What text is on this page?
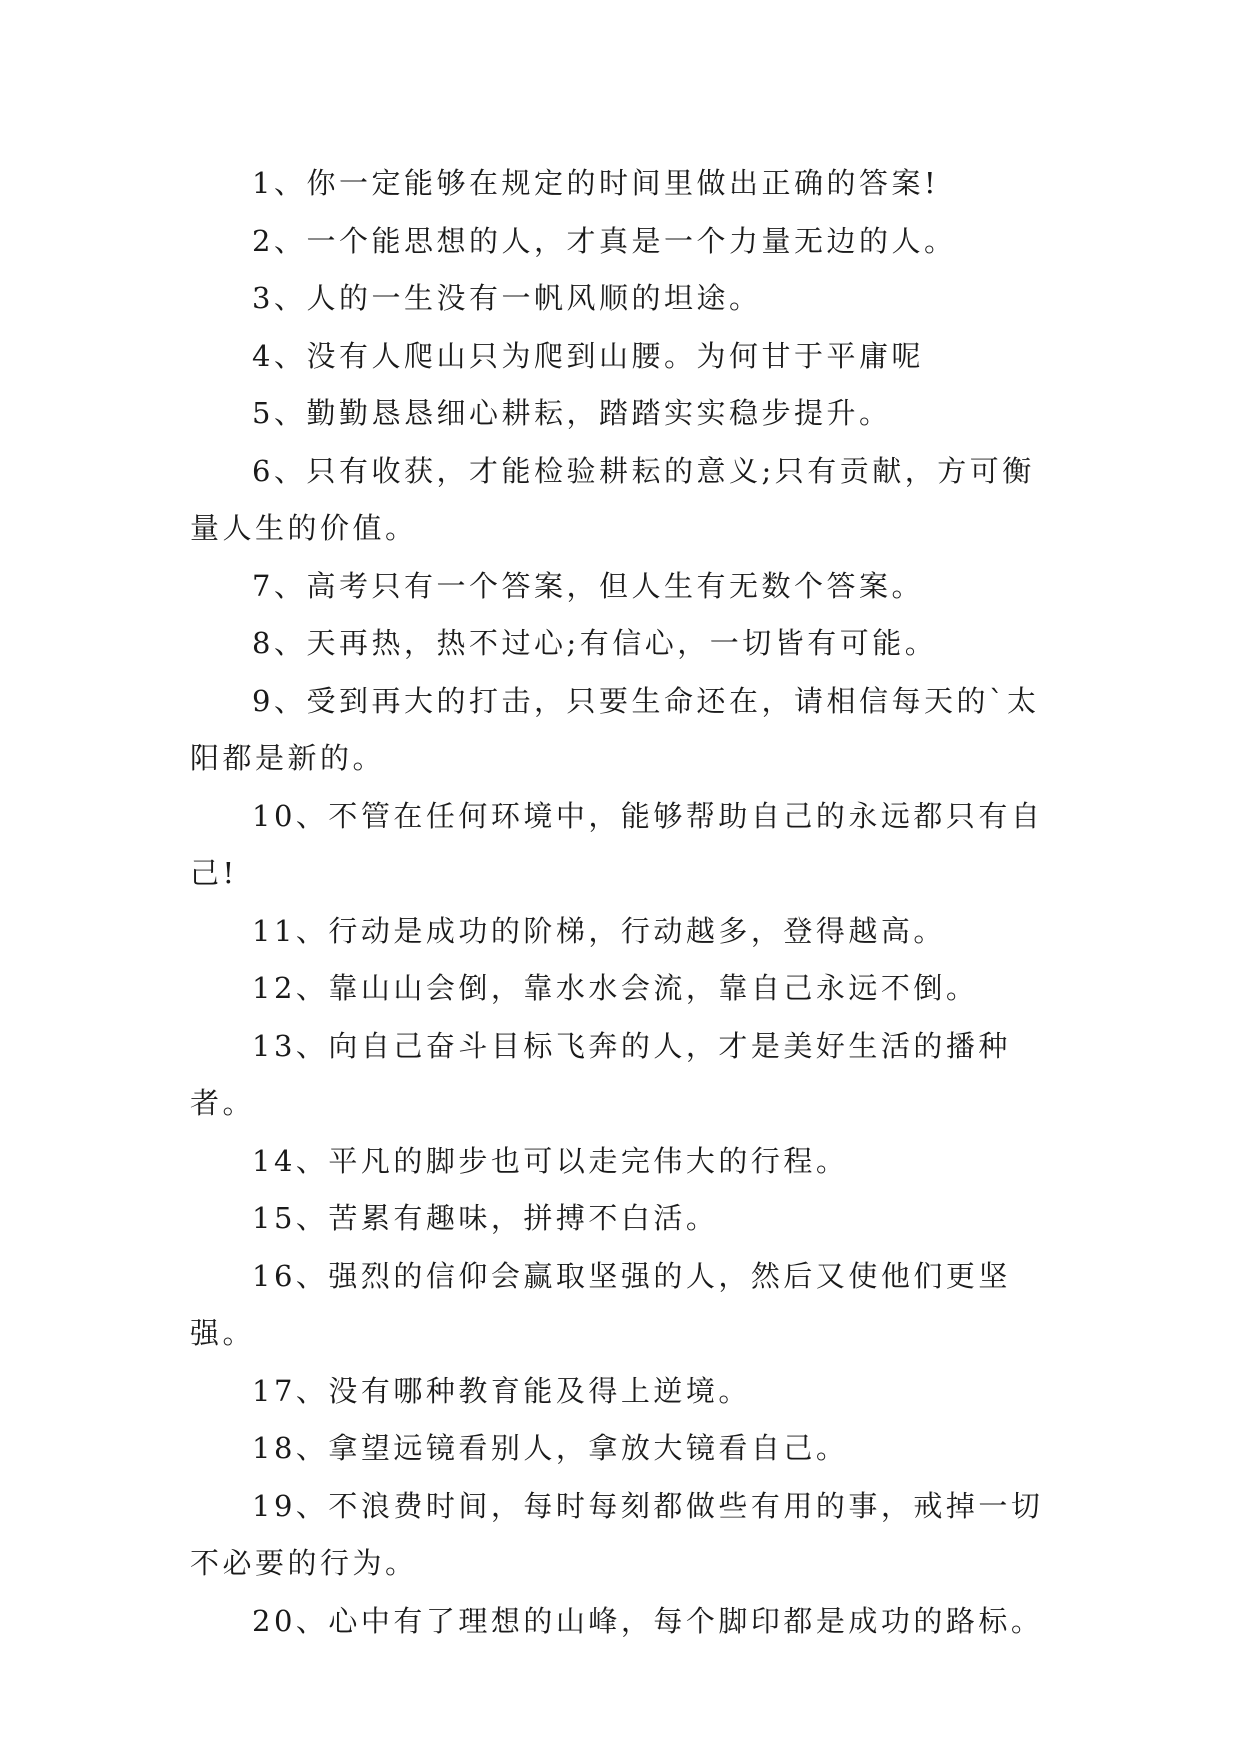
1、你一定能够在规定的时间里做出正确的答案!

2、一个能思想的人，才真是一个力量无边的人。

3、人的一生没有一帆风顺的坦途。

4、没有人爬山只为爬到山腰。为何甘于平庸呢

5、勤勤恳恳细心耕耘，踏踏实实稳步提升。

6、只有收获，才能检验耕耘的意义;只有贡献，方可衡量人生的价值。

7、高考只有一个答案，但人生有无数个答案。

8、天再热，热不过心;有信心，一切皆有可能。

9、受到再大的打击，只要生命还在，请相信每天的`太阳都是新的。

10、不管在任何环境中，能够帮助自己的永远都只有自己!

11、行动是成功的阶梯，行动越多，登得越高。

12、靠山山会倒，靠水水会流，靠自己永远不倒。

13、向自己奋斗目标飞奔的人，才是美好生活的播种者。

14、平凡的脚步也可以走完伟大的行程。

15、苦累有趣味，拼搏不白活。

16、强烈的信仰会赢取坚强的人，然后又使他们更坚强。

17、没有哪种教育能及得上逆境。

18、拿望远镜看别人，拿放大镜看自己。

19、不浪费时间，每时每刻都做些有用的事，戒掉一切不必要的行为。

20、心中有了理想的山峰，每个脚印都是成功的路标。
